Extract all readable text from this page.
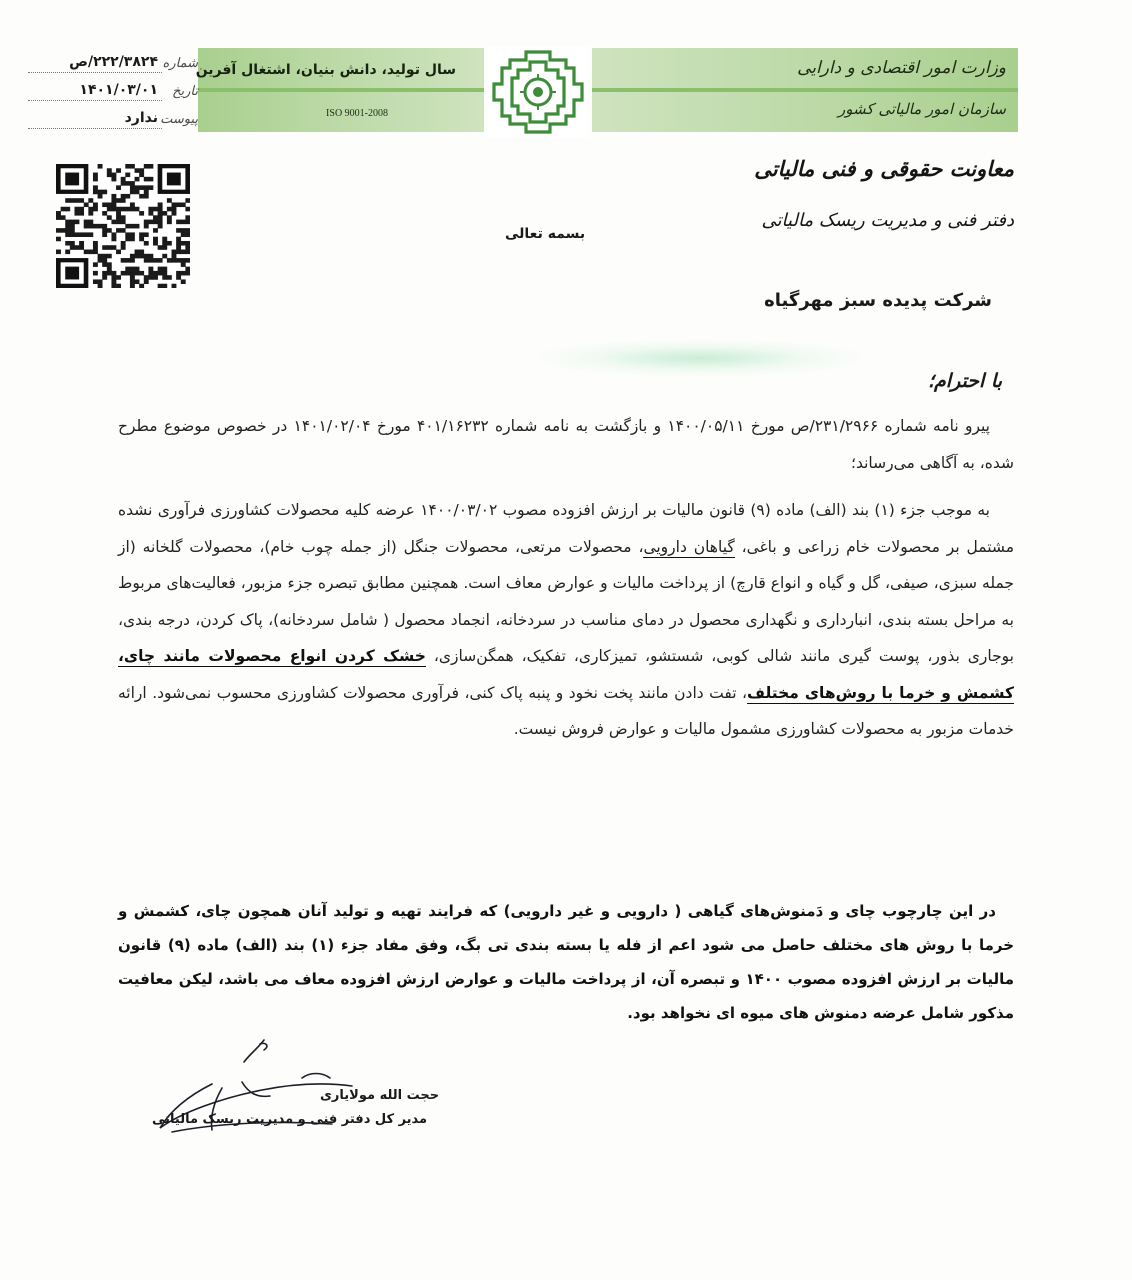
وزارت امور اقتصادی و دارایی
سازمان امور مالیاتی کشور
سال تولید، دانش بنیان، اشتغال آفرین
ISO 9001-2008
شماره
۲۲۲/۳۸۲۴/ص
تاریخ
۱۴۰۱/۰۳/۰۱
پیوست
ندارد
معاونت حقوقی و فنی مالیاتی
دفتر فنی و مدیریت ریسک مالیاتی
بسمه تعالی
شرکت پدیده سبز مهرگیاه
با احترام؛
پیرو نامه شماره ۲۳۱/۲۹۶۶/ص مورخ ۱۴۰۰/۰۵/۱۱ و بازگشت به نامه شماره ۴۰۱/۱۶۲۳۲ مورخ ۱۴۰۱/۰۲/۰۴ در خصوص موضوع مطرح شده، به آگاهی می‌رساند؛
به موجب جزء (۱) بند (الف) ماده (۹) قانون مالیات بر ارزش افزوده مصوب ۱۴۰۰/۰۳/۰۲ عرضه کلیه محصولات کشاورزی فرآوری نشده مشتمل بر محصولات خام زراعی و باغی، گیاهان دارویی، محصولات مرتعی، محصولات جنگل (از جمله چوب خام)، محصولات گلخانه (از جمله سبزی، صیفی، گل و گیاه و انواع قارچ) از پرداخت مالیات و عوارض معاف است. همچنین مطابق تبصره جزء مزبور، فعالیت‌های مربوط به مراحل بسته بندی، انبارداری و نگهداری محصول در دمای مناسب در سردخانه، انجماد محصول ( شامل سردخانه)، پاک کردن، درجه بندی، بوجاری بذور، پوست گیری مانند شالی کوبی، شستشو، تمیزکاری، تفکیک، همگن‌سازی، خشک کردن انواع محصولات مانند چای، کشمش و خرما با روش‌های مختلف، تفت دادن مانند پخت نخود و پنبه پاک کنی، فرآوری محصولات کشاورزی محسوب نمی‌شود. ارائه خدمات مزبور به محصولات کشاورزی مشمول مالیات و عوارض فروش نیست.
در این چارچوب چای و دَمنوش‌های گیاهی ( دارویی و غیر دارویی) که فرایند تهیه و تولید آنان همچون چای، کشمش و خرما با روش های مختلف حاصل می شود اعم از فله یا بسته بندی تی بگ، وفق مفاد جزء (۱) بند (الف) ماده (۹) قانون مالیات بر ارزش افزوده مصوب ۱۴۰۰ و تبصره آن، از پرداخت مالیات و عوارض ارزش افزوده معاف می باشد، لیکن معافیت مذکور شامل عرضه دمنوش های میوه ای نخواهد بود.
حجت الله مولایاری
مدیر کل دفتر فنی و مدیریت ریسک مالیاتی
